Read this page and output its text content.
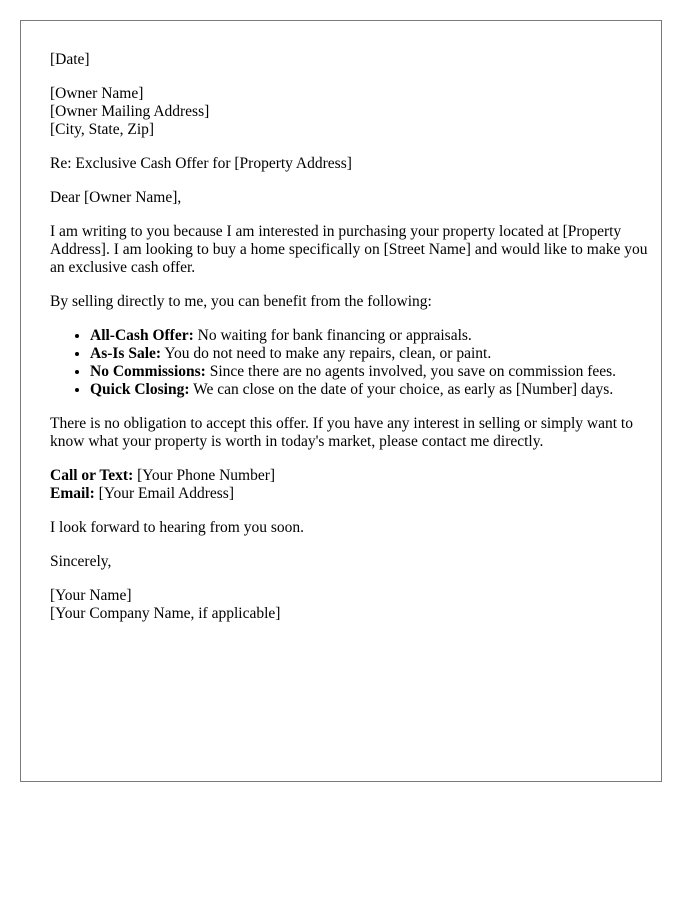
[Date]

[Owner Name]
[Owner Mailing Address]
[City, State, Zip]

Re: Exclusive Cash Offer for [Property Address]

Dear [Owner Name],

I am writing to you because I am interested in purchasing your property located at [Property Address]. I am looking to buy a home specifically on [Street Name] and would like to make you an exclusive cash offer.

By selling directly to me, you can benefit from the following:

• All-Cash Offer: No waiting for bank financing or appraisals.
• As-Is Sale: You do not need to make any repairs, clean, or paint.
• No Commissions: Since there are no agents involved, you save on commission fees.
• Quick Closing: We can close on the date of your choice, as early as [Number] days.

There is no obligation to accept this offer. If you have any interest in selling or simply want to know what your property is worth in today's market, please contact me directly.

Call or Text: [Your Phone Number]
Email: [Your Email Address]

I look forward to hearing from you soon.

Sincerely,

[Your Name]
[Your Company Name, if applicable]
